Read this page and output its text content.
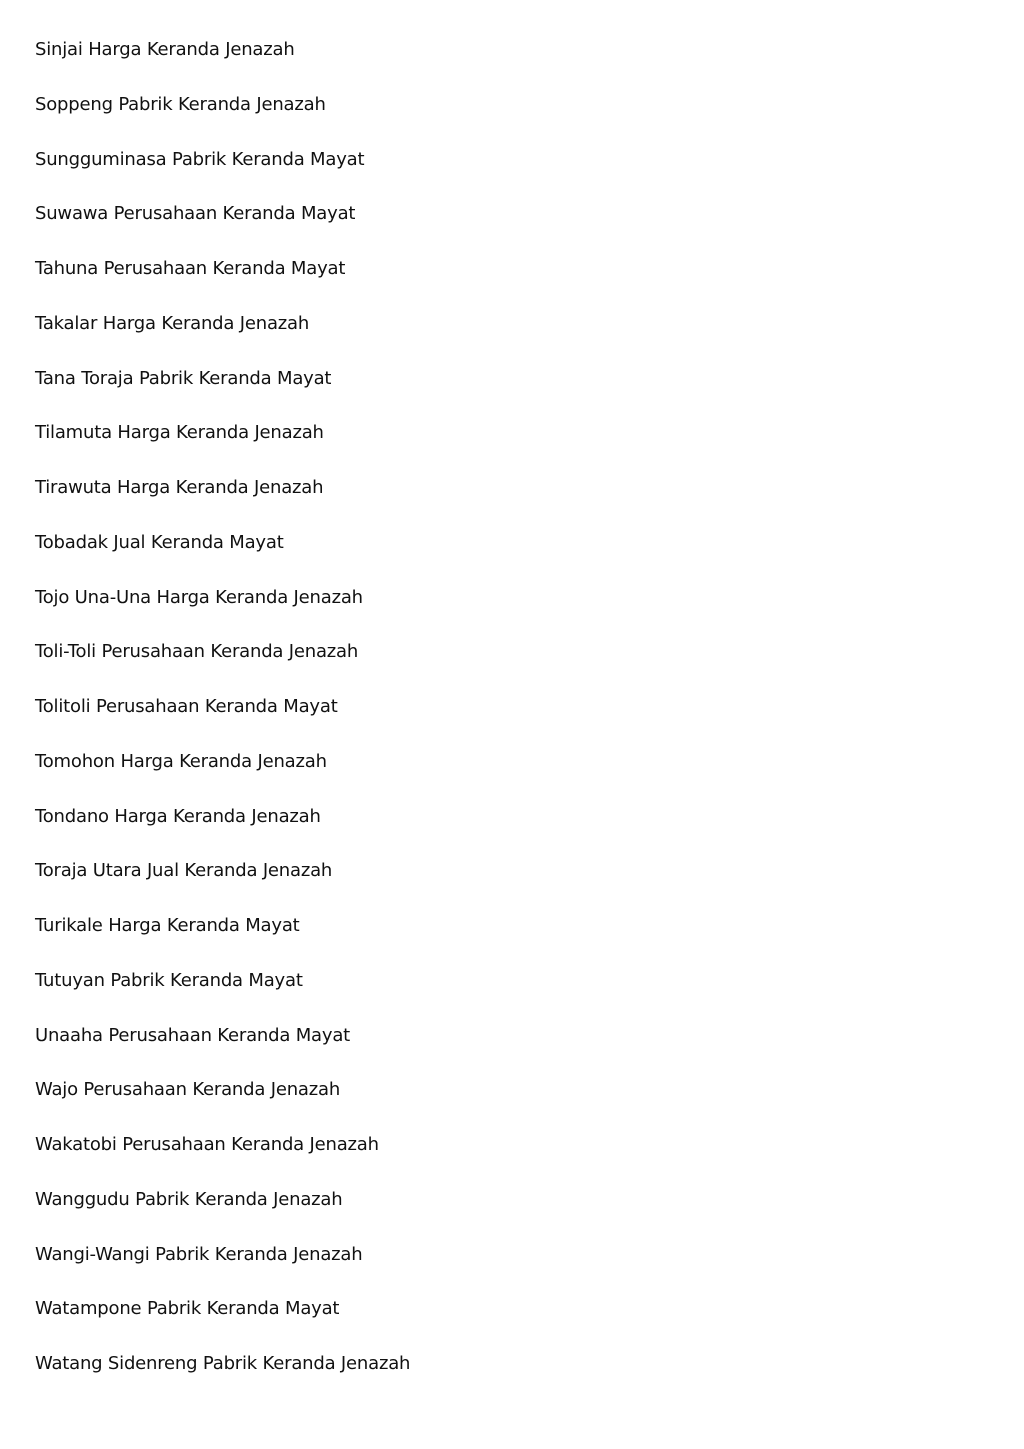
Sinjai Harga Keranda Jenazah
Soppeng Pabrik Keranda Jenazah
Sungguminasa Pabrik Keranda Mayat
Suwawa Perusahaan Keranda Mayat
Tahuna Perusahaan Keranda Mayat
Takalar Harga Keranda Jenazah
Tana Toraja Pabrik Keranda Mayat
Tilamuta Harga Keranda Jenazah
Tirawuta Harga Keranda Jenazah
Tobadak Jual Keranda Mayat
Tojo Una-Una Harga Keranda Jenazah
Toli-Toli Perusahaan Keranda Jenazah
Tolitoli Perusahaan Keranda Mayat
Tomohon Harga Keranda Jenazah
Tondano Harga Keranda Jenazah
Toraja Utara Jual Keranda Jenazah
Turikale Harga Keranda Mayat
Tutuyan Pabrik Keranda Mayat
Unaaha Perusahaan Keranda Mayat
Wajo Perusahaan Keranda Jenazah
Wakatobi Perusahaan Keranda Jenazah
Wanggudu Pabrik Keranda Jenazah
Wangi-Wangi Pabrik Keranda Jenazah
Watampone Pabrik Keranda Mayat
Watang Sidenreng Pabrik Keranda Jenazah
